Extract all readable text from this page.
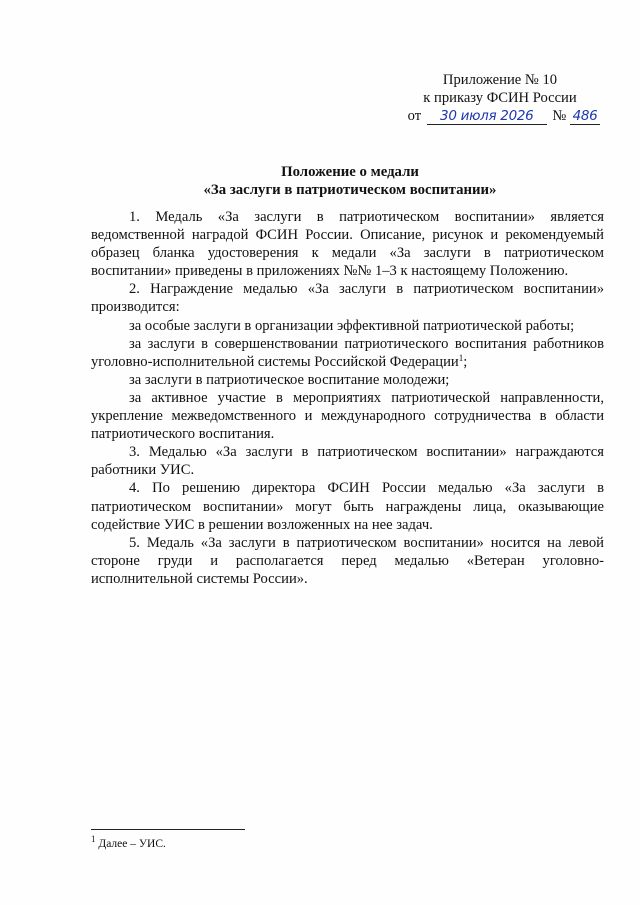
Приложение № 10
к приказу ФСИН России
от 30 июля 2026 № 486
Положение о медали
«За заслуги в патриотическом воспитании»

1. Медаль «За заслуги в патриотическом воспитании» является ведомственной наградой ФСИН России. Описание, рисунок и рекомендуемый образец бланка удостоверения к медали «За заслуги в патриотическом воспитании» приведены в приложениях №№ 1–3 к настоящему Положению.

2. Награждение медалью «За заслуги в патриотическом воспитании» производится:

за особые заслуги в организации эффективной патриотической работы;

за заслуги в совершенствовании патриотического воспитания работников уголовно-исполнительной системы Российской Федерации$^1$;

за заслуги в патриотическое воспитание молодежи;

за активное участие в мероприятиях патриотической направленности, укрепление межведомственного и международного сотрудничества в области патриотического воспитания.

3. Медалью «За заслуги в патриотическом воспитании» награждаются работники УИС.

4. По решению директора ФСИН России медалью «За заслуги в патриотическом воспитании» могут быть награждены лица, оказывающие содействие УИС в решении возложенных на нее задач.

5. Медаль «За заслуги в патриотическом воспитании» носится на левой стороне груди и располагается перед медалью «Ветеран уголовно-исполнительной системы России».

$^1$ Далее – УИС.
